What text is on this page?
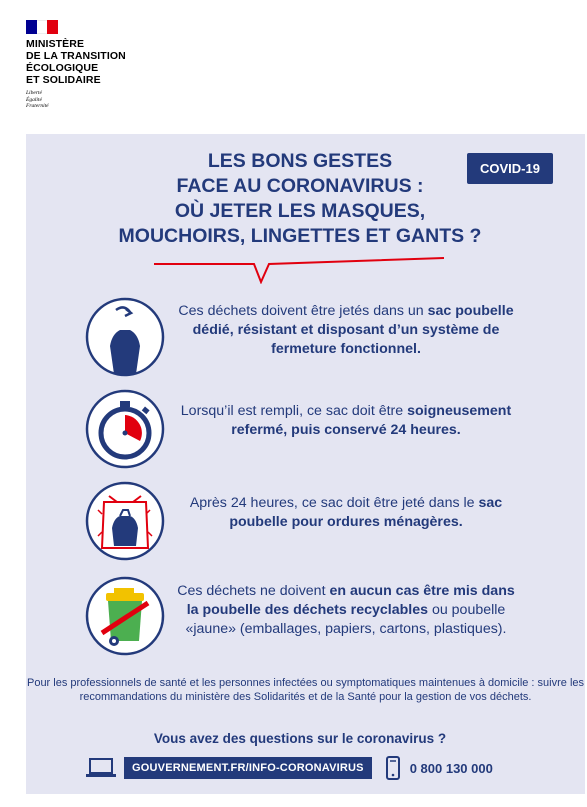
MINISTÈRE
DE LA TRANSITION
ÉCOLOGIQUE
ET SOLIDAIRE
Liberté
Égalité
Fraternité
LES BONS GESTES
FACE AU CORONAVIRUS :
OÙ JETER LES MASQUES,
MOUCHOIRS, LINGETTES ET GANTS ?
COVID-19
Ces déchets doivent être jetés dans un sac poubelle dédié, résistant et disposant d’un système de fermeture fonctionnel.
Lorsqu’il est rempli, ce sac doit être soigneusement refermé, puis conservé 24 heures.
Après 24 heures, ce sac doit être jeté dans le sac poubelle pour ordures ménagères.
Ces déchets ne doivent en aucun cas être mis dans la poubelle des déchets recyclables ou poubelle «jaune» (emballages, papiers, cartons, plastiques).
Pour les professionnels de santé et les personnes infectées ou symptomatiques maintenues à domicile : suivre les recommandations du ministère des Solidarités et de la Santé pour la gestion de vos déchets.
Vous avez des questions sur le coronavirus ?
GOUVERNEMENT.FR/INFO-CORONAVIRUS	0 800 130 000
